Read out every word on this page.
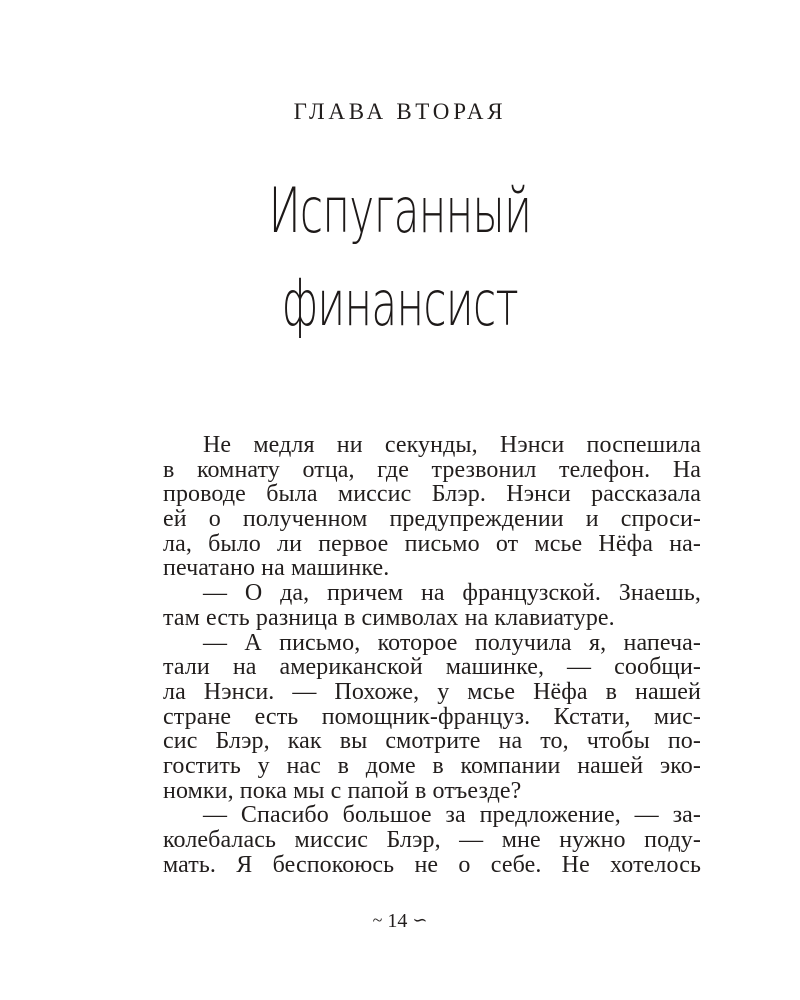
ГЛАВА ВТОРАЯ
Испуганный
финансист
Не медля ни секунды, Нэнси поспешила
в комнату отца, где трезвонил телефон. На
проводе была миссис Блэр. Нэнси рассказала
ей о полученном предупреждении и спроси-
ла, было ли первое письмо от мсье Нёфа на-
печатано на машинке.
— О да, причем на французской. Знаешь,
там есть разница в символах на клавиатуре.
— А письмо, которое получила я, напеча-
тали на американской машинке, — сообщи-
ла Нэнси. — Похоже, у мсье Нёфа в нашей
стране есть помощник-француз. Кстати, мис-
сис Блэр, как вы смотрите на то, чтобы по-
гостить у нас в доме в компании нашей эко-
номки, пока мы с папой в отъезде?
— Спасибо большое за предложение, — за-
колебалась миссис Блэр, — мне нужно поду-
мать. Я беспокоюсь не о себе. Не хотелось
~ 14 ∽
